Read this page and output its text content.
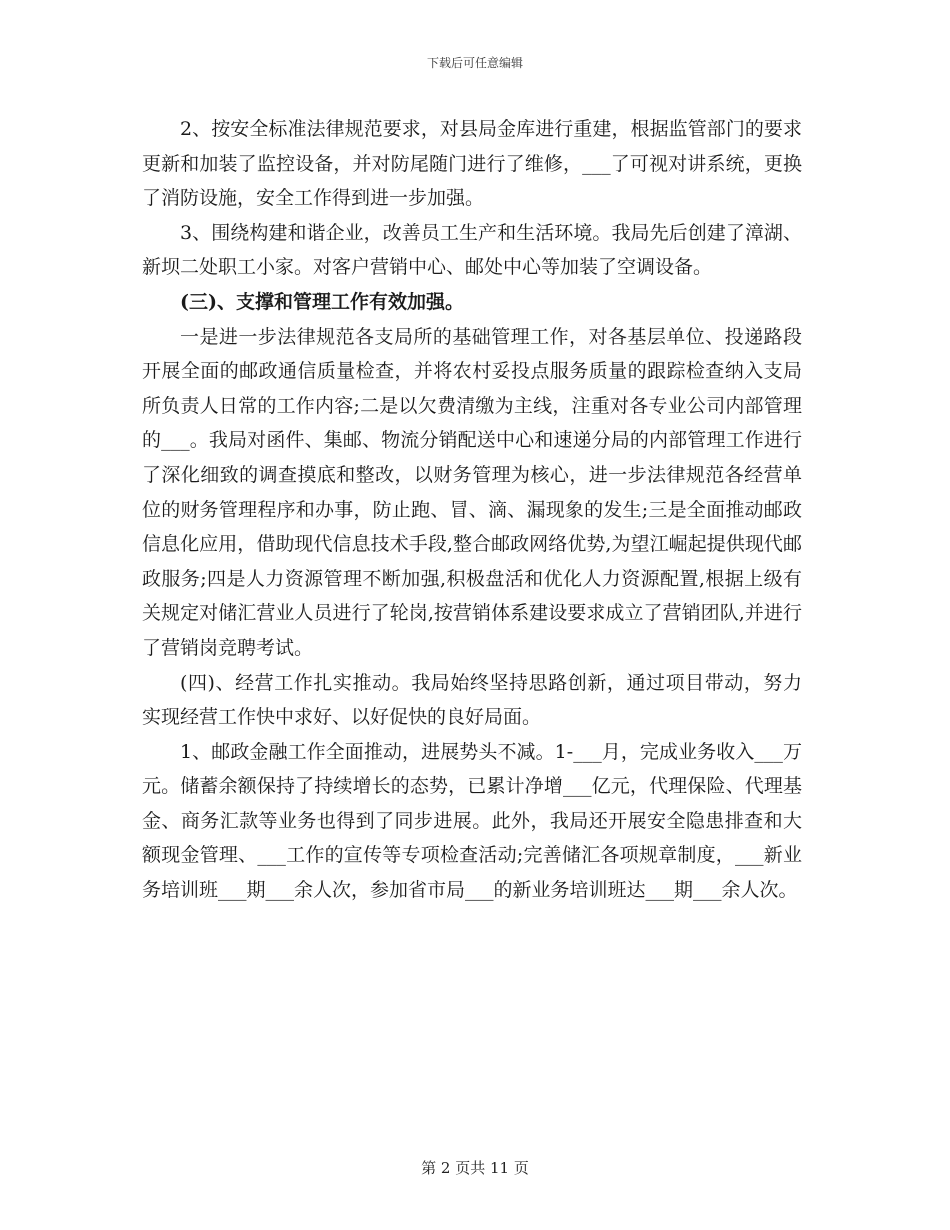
下载后可任意编辑

2、按安全标准法律规范要求，对县局金库进行重建，根据监管部门的要求更新和加装了监控设备，并对防尾随门进行了维修，___了可视对讲系统，更换了消防设施，安全工作得到进一步加强。

3、围绕构建和谐企业，改善员工生产和生活环境。我局先后创建了漳湖、新坝二处职工小家。对客户营销中心、邮处中心等加装了空调设备。

(三)、支撑和管理工作有效加强。

一是进一步法律规范各支局所的基础管理工作，对各基层单位、投递路段开展全面的邮政通信质量检查，并将农村妥投点服务质量的跟踪检查纳入支局所负责人日常的工作内容;二是以欠费清缴为主线，注重对各专业公司内部管理的___。我局对函件、集邮、物流分销配送中心和速递分局的内部管理工作进行了深化细致的调查摸底和整改，以财务管理为核心，进一步法律规范各经营单位的财务管理程序和办事，防止跑、冒、滴、漏现象的发生;三是全面推动邮政信息化应用，借助现代信息技术手段,整合邮政网络优势,为望江崛起提供现代邮政服务;四是人力资源管理不断加强,积极盘活和优化人力资源配置,根据上级有关规定对储汇营业人员进行了轮岗,按营销体系建设要求成立了营销团队,并进行了营销岗竞聘考试。

(四)、经营工作扎实推动。我局始终坚持思路创新，通过项目带动，努力实现经营工作快中求好、以好促快的良好局面。

1、邮政金融工作全面推动，进展势头不减。1-___月，完成业务收入___万元。储蓄余额保持了持续增长的态势，已累计净增___亿元，代理保险、代理基金、商务汇款等业务也得到了同步进展。此外，我局还开展安全隐患排查和大额现金管理、___工作的宣传等专项检查活动;完善储汇各项规章制度，___新业务培训班___期___余人次，参加省市局___的新业务培训班达___期___余人次。

第 2 页共 11 页
